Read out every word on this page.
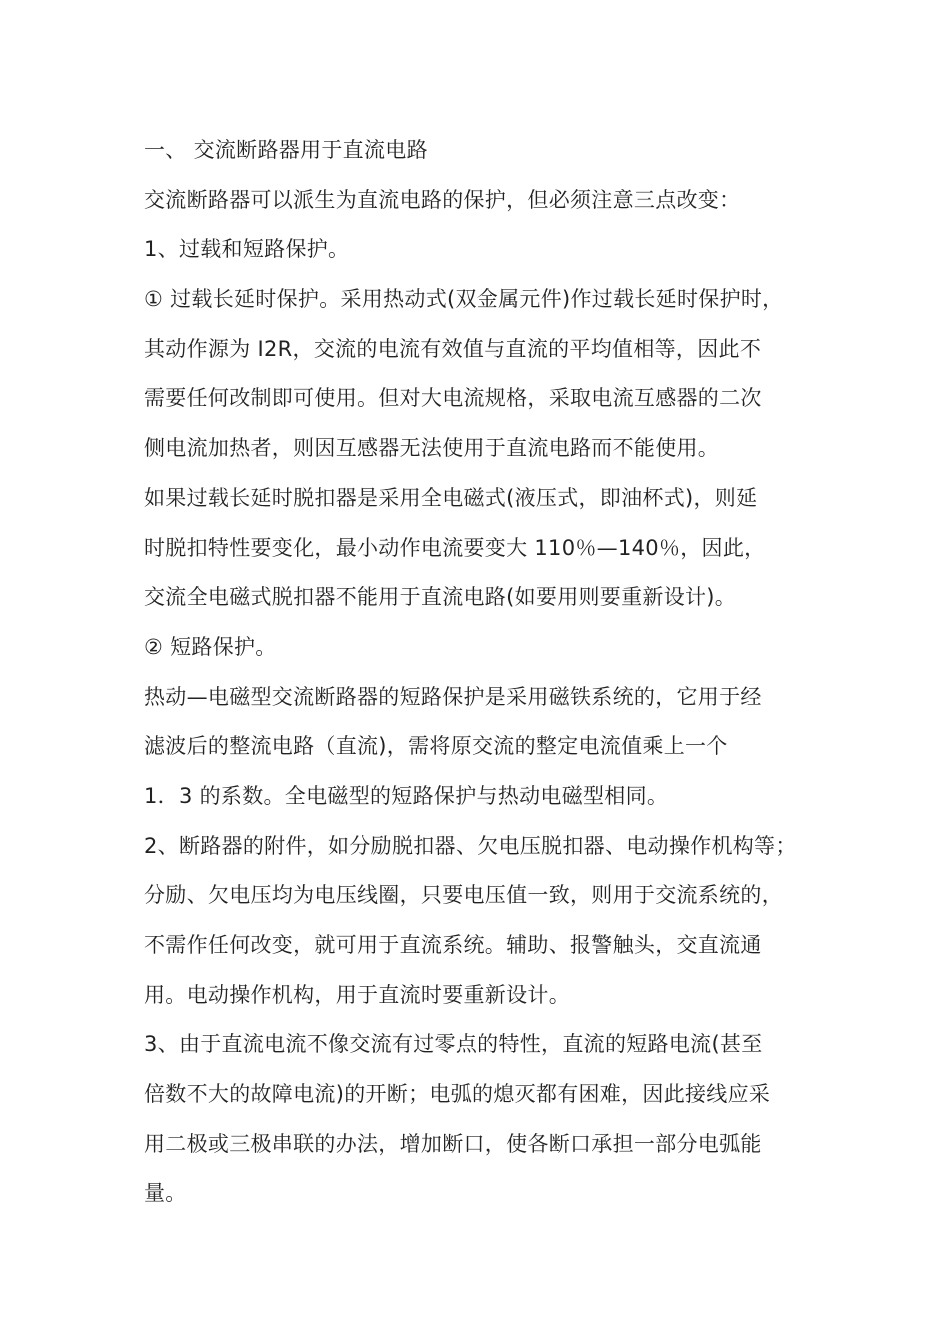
一、 交流断路器用于直流电路
交流断路器可以派生为直流电路的保护，但必须注意三点改变：
1、过载和短路保护。
① 过载长延时保护。采用热动式(双金属元件)作过载长延时保护时，
其动作源为 I2R，交流的电流有效值与直流的平均值相等，因此不
需要任何改制即可使用。但对大电流规格，采取电流互感器的二次
侧电流加热者，则因互感器无法使用于直流电路而不能使用。
如果过载长延时脱扣器是采用全电磁式(液压式，即油杯式)，则延
时脱扣特性要变化，最小动作电流要变大 110％—140％，因此，
交流全电磁式脱扣器不能用于直流电路(如要用则要重新设计)。
② 短路保护。
热动—电磁型交流断路器的短路保护是采用磁铁系统的，它用于经
滤波后的整流电路（直流)，需将原交流的整定电流值乘上一个
1．3 的系数。全电磁型的短路保护与热动电磁型相同。
2、断路器的附件，如分励脱扣器、欠电压脱扣器、电动操作机构等；
分励、欠电压均为电压线圈，只要电压值一致，则用于交流系统的，
不需作任何改变，就可用于直流系统。辅助、报警触头，交直流通
用。电动操作机构，用于直流时要重新设计。
3、由于直流电流不像交流有过零点的特性，直流的短路电流(甚至
倍数不大的故障电流)的开断；电弧的熄灭都有困难，因此接线应采
用二极或三极串联的办法，增加断口，使各断口承担一部分电弧能
量。
